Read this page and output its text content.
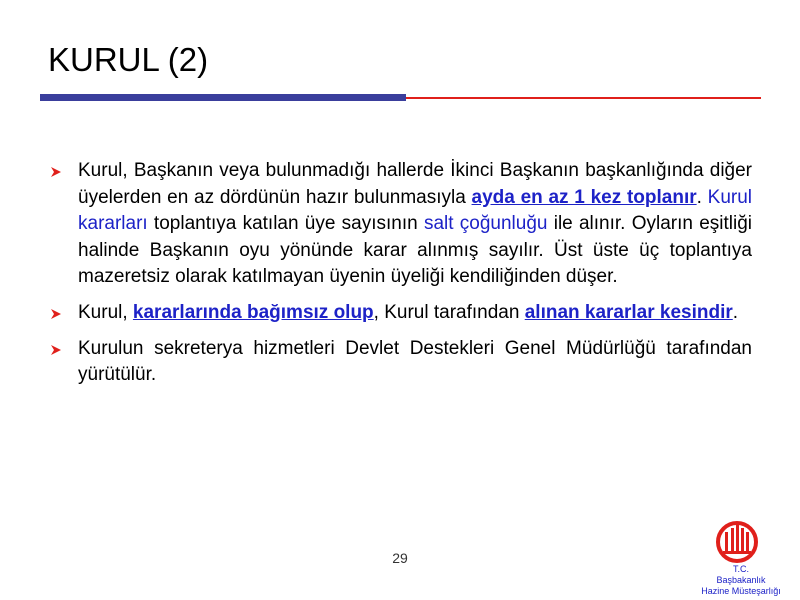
KURUL (2)
Kurul, Başkanın veya bulunmadığı hallerde İkinci Başkanın başkanlığında diğer üyelerden en az dördünün hazır bulunmasıyla ayda en az 1 kez toplanır. Kurul kararları toplantıya katılan üye sayısının salt çoğunluğu ile alınır. Oyların eşitliği halinde Başkanın oyu yönünde karar alınmış sayılır. Üst üste üç toplantıya mazeretsiz olarak katılmayan üyenin üyeliği kendiliğinden düşer.
Kurul, kararlarında bağımsız olup, Kurul tarafından alınan kararlar kesindir.
Kurulun sekreterya hizmetleri Devlet Destekleri Genel Müdürlüğü tarafından yürütülür.
29
T.C.
Başbakanlık
Hazine Müsteşarlığı
